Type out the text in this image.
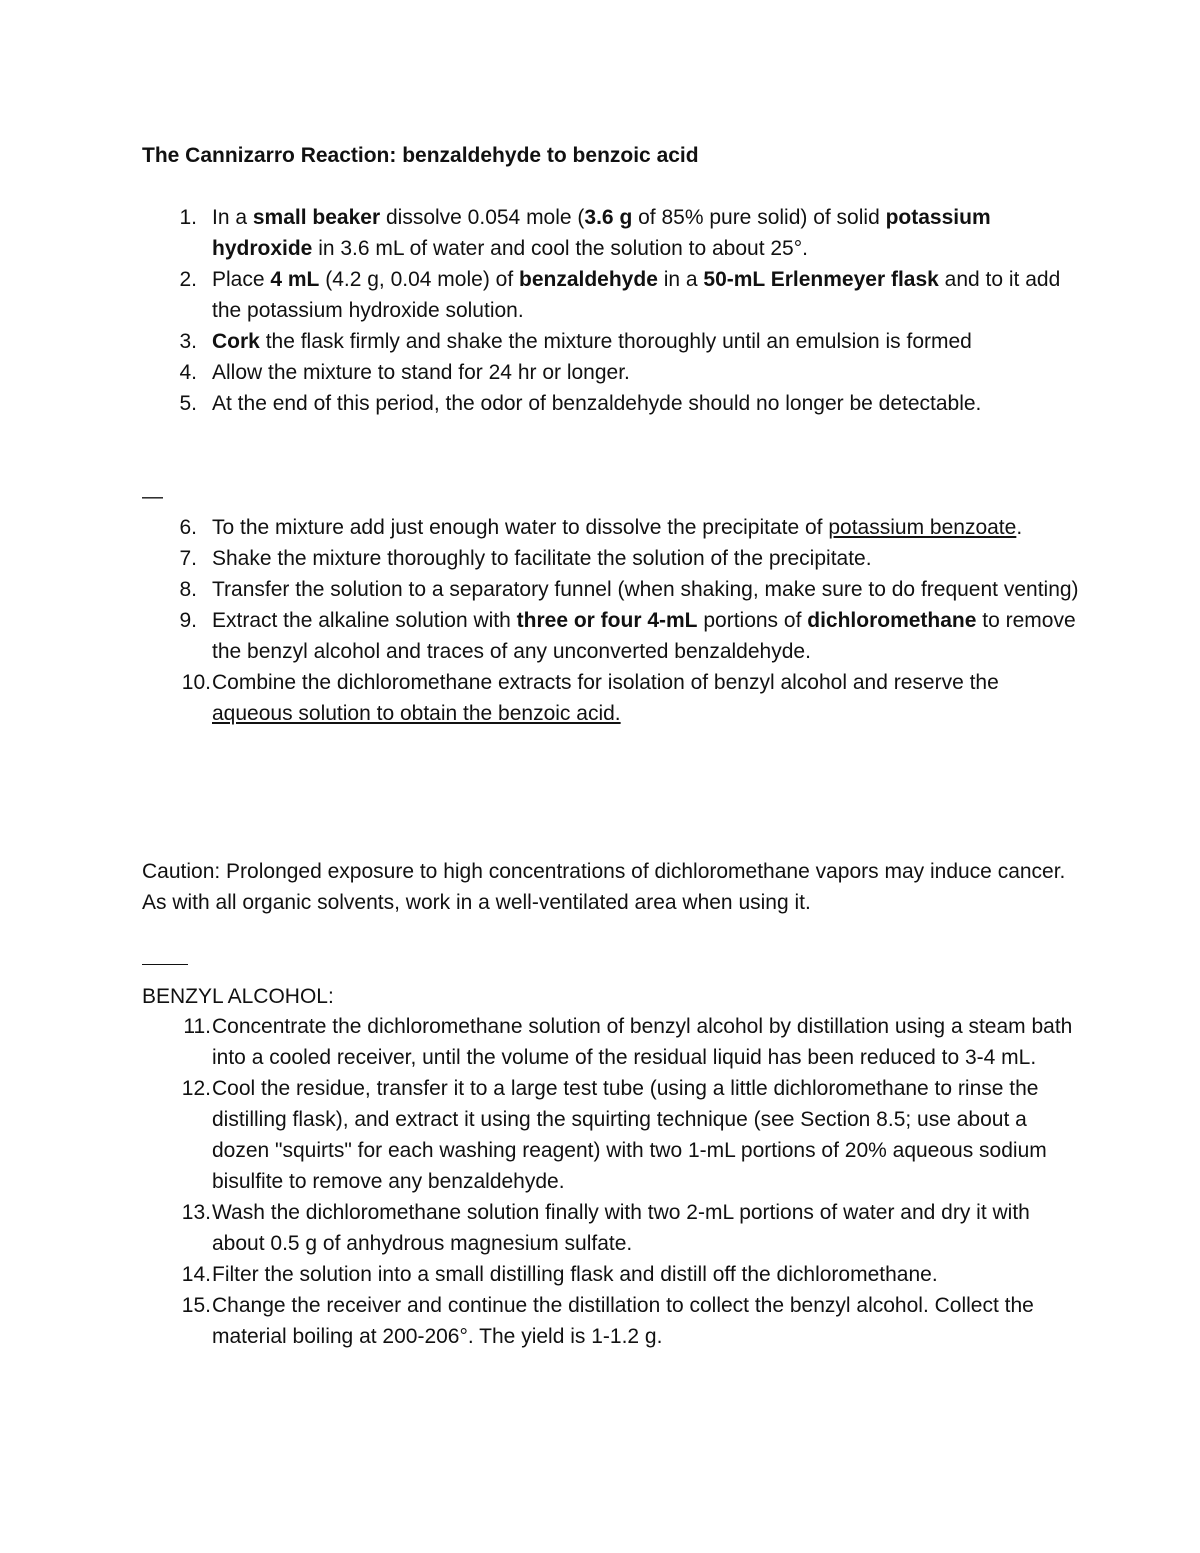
The Cannizarro Reaction: benzaldehyde to benzoic acid
1. In a small beaker dissolve 0.054 mole (3.6 g of 85% pure solid) of solid potassium hydroxide in 3.6 mL of water and cool the solution to about 25°.
2. Place 4 mL (4.2 g, 0.04 mole) of benzaldehyde in a 50-mL Erlenmeyer flask and to it add the potassium hydroxide solution.
3. Cork the flask firmly and shake the mixture thoroughly until an emulsion is formed
4. Allow the mixture to stand for 24 hr or longer.
5. At the end of this period, the odor of benzaldehyde should no longer be detectable.
—
6. To the mixture add just enough water to dissolve the precipitate of potassium benzoate.
7. Shake the mixture thoroughly to facilitate the solution of the precipitate.
8. Transfer the solution to a separatory funnel (when shaking, make sure to do frequent venting)
9. Extract the alkaline solution with three or four 4-mL portions of dichloromethane to remove the benzyl alcohol and traces of any unconverted benzaldehyde.
10. Combine the dichloromethane extracts for isolation of benzyl alcohol and reserve the aqueous solution to obtain the benzoic acid.
Caution: Prolonged exposure to high concentrations of dichloromethane vapors may induce cancer. As with all organic solvents, work in a well-ventilated area when using it.
BENZYL ALCOHOL:
11. Concentrate the dichloromethane solution of benzyl alcohol by distillation using a steam bath into a cooled receiver, until the volume of the residual liquid has been reduced to 3-4 mL.
12. Cool the residue, transfer it to a large test tube (using a little dichloromethane to rinse the distilling flask), and extract it using the squirting technique (see Section 8.5; use about a dozen "squirts" for each washing reagent) with two 1-mL portions of 20% aqueous sodium bisulfite to remove any benzaldehyde.
13. Wash the dichloromethane solution finally with two 2-mL portions of water and dry it with about 0.5 g of anhydrous magnesium sulfate.
14. Filter the solution into a small distilling flask and distill off the dichloromethane.
15. Change the receiver and continue the distillation to collect the benzyl alcohol. Collect the material boiling at 200-206°. The yield is 1-1.2 g.
